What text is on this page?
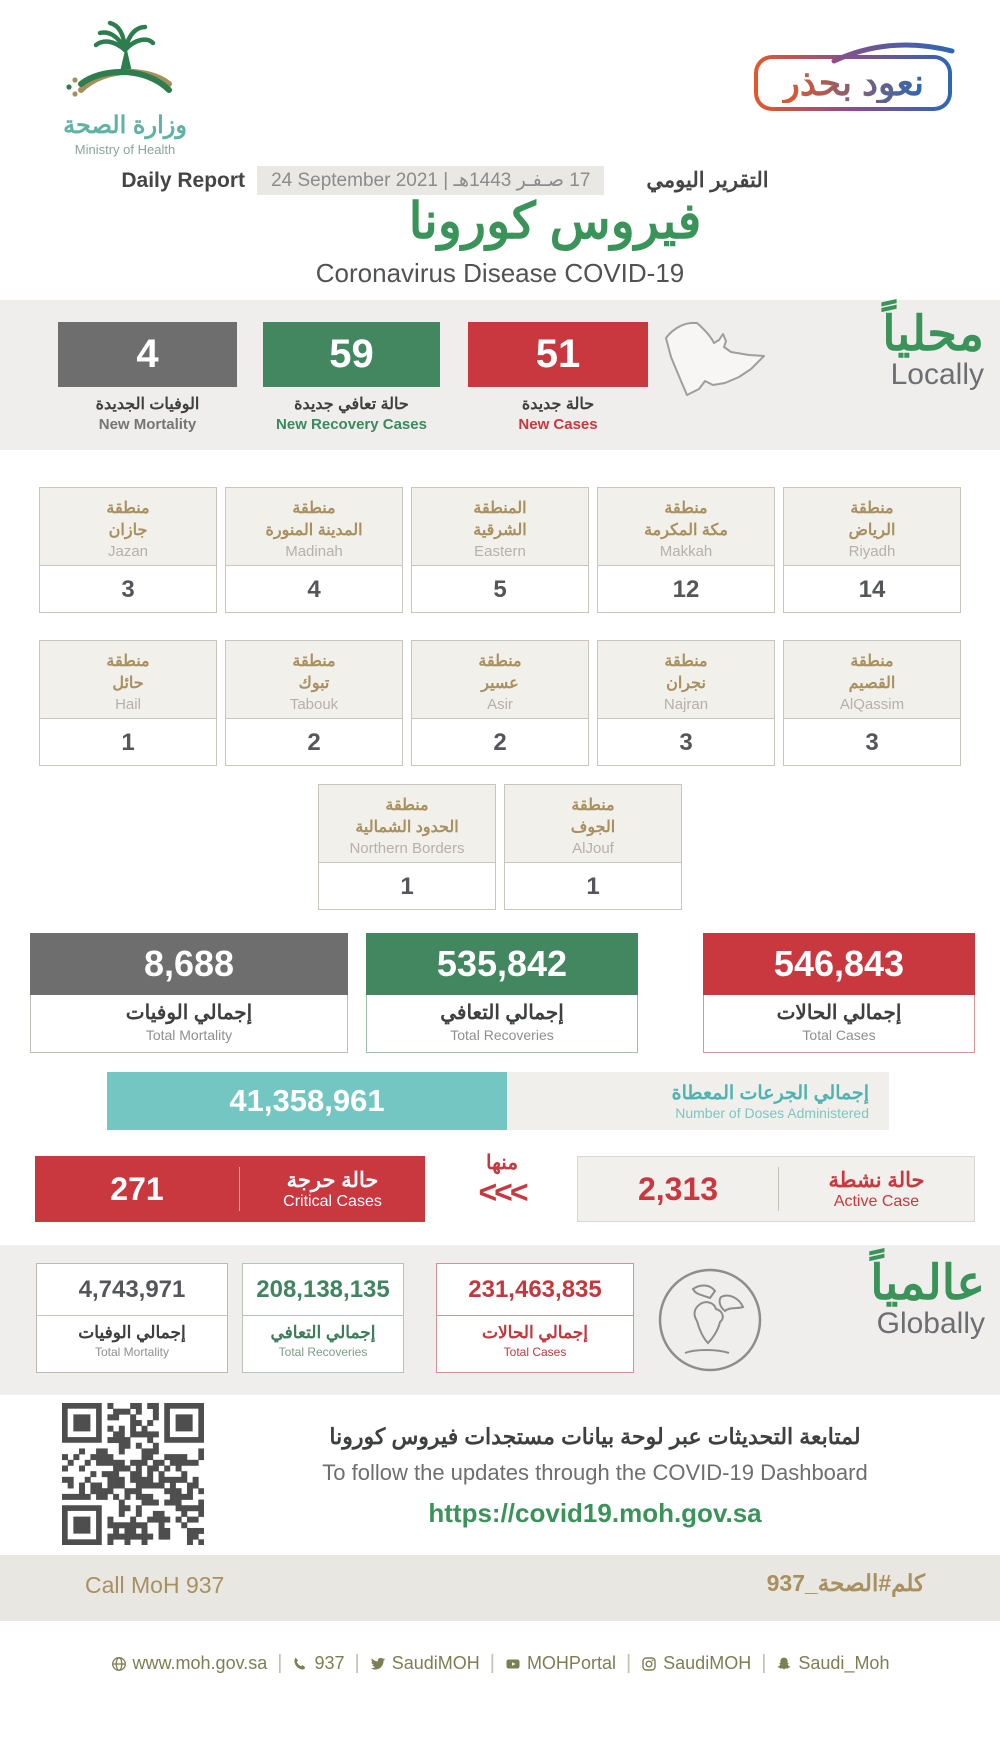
وزارة الصحة
Ministry of Health
نعود بحذر
Daily Report	17 صـفـر 1443هـ | 24 September 2021	التقرير اليومي
فيروس كورونا
Coronavirus Disease COVID-19
4
الوفيات الجديدة
New Mortality
59
حالة تعافي جديدة
New Recovery Cases
51
حالة جديدة
New Cases
محلياً
Locally
منطقة
جازان
Jazan
3
منطقة
المدينة المنورة
Madinah
4
المنطقة
الشرقية
Eastern
5
منطقة
مكة المكرمة
Makkah
12
منطقة
الرياض
Riyadh
14
منطقة
حائل
Hail
1
منطقة
تبوك
Tabouk
2
منطقة
عسير
Asir
2
منطقة
نجران
Najran
3
منطقة
القصيم
AlQassim
3
منطقة
الحدود الشمالية
Northern Borders
1
منطقة
الجوف
AlJouf
1
8,688
إجمالي الوفيات
Total Mortality
535,842
إجمالي التعافي
Total Recoveries
546,843
إجمالي الحالات
Total Cases
41,358,961	إجمالي الجرعات المعطاة
Number of Doses Administered
271	حالة حرجة
Critical Cases
منها
<<<	2,313	حالة نشطة
Active Case
4,743,971
إجمالي الوفيات
Total Mortality
208,138,135
إجمالي التعافي
Total Recoveries
231,463,835
إجمالي الحالات
Total Cases
عالمياً
Globally
لمتابعة التحديثات عبر لوحة بيانات مستجدات فيروس كورونا
To follow the updates through the COVID-19 Dashboard
https://covid19.moh.gov.sa
Call MoH 937	كلم#الصحة_937
www.moh.gov.sa | 937 | SaudiMOH | MOHPortal | SaudiMOH | Saudi_Moh
